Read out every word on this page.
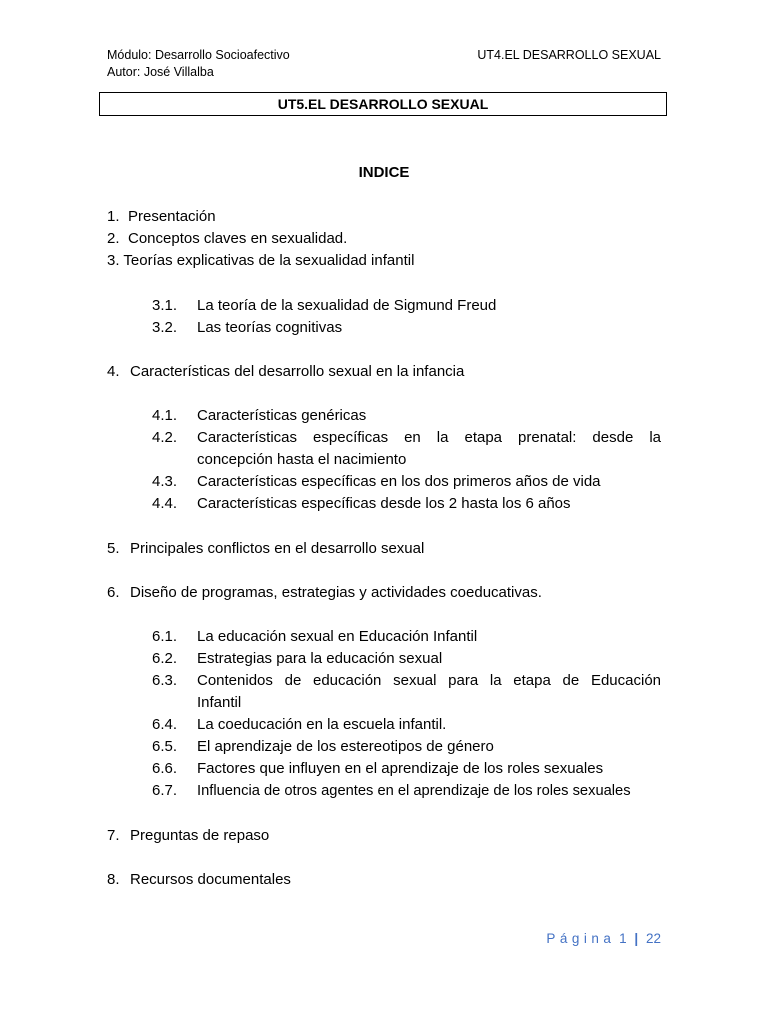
Módulo: Desarrollo Socioafectivo
Autor: José Villalba
UT4.EL DESARROLLO SEXUAL
UT5.EL DESARROLLO SEXUAL
INDICE
1. Presentación
2. Conceptos claves en sexualidad.
3. Teorías explicativas de la sexualidad infantil
3.1. La teoría de la sexualidad de Sigmund Freud
3.2. Las teorías cognitivas
4. Características del desarrollo sexual en la infancia
4.1. Características genéricas
4.2. Características específicas en la etapa prenatal: desde la
concepción hasta el nacimiento
4.3. Características específicas en los dos primeros años de vida
4.4. Características específicas desde los 2 hasta los 6 años
5. Principales conflictos en el desarrollo sexual
6. Diseño de programas, estrategias y actividades coeducativas.
6.1. La educación sexual en Educación Infantil
6.2. Estrategias para la educación sexual
6.3. Contenidos de educación sexual para la etapa de Educación
Infantil
6.4. La coeducación en la escuela infantil.
6.5. El aprendizaje de los estereotipos de género
6.6. Factores que influyen en el aprendizaje de los roles sexuales
6.7. Influencia de otros agentes en el aprendizaje de los roles sexuales
7. Preguntas de repaso
8. Recursos documentales
Página 1 | 22
